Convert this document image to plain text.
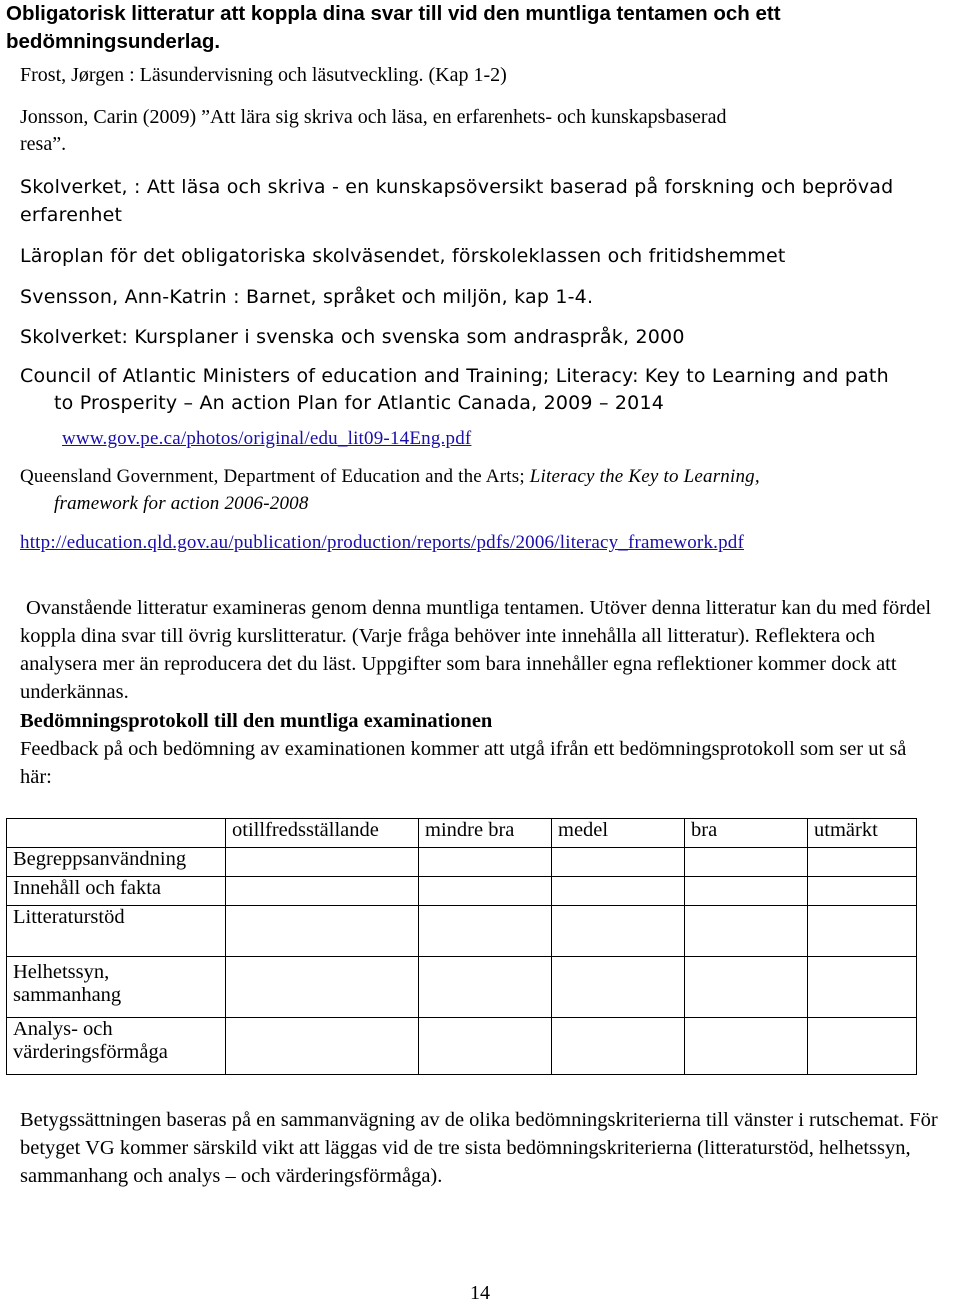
Obligatorisk litteratur att koppla dina svar till vid den muntliga tentamen och ett bedömningsunderlag.
Frost, Jørgen : Läsundervisning och läsutveckling. (Kap 1-2)
Jonsson, Carin (2009) ”Att lära sig skriva och läsa, en erfarenhets- och kunskapsbaserad
resa”.
Skolverket, : Att läsa och skriva - en kunskapsöversikt baserad på forskning och beprövad
erfarenhet
Läroplan för det obligatoriska skolväsendet, förskoleklassen och fritidshemmet
Svensson, Ann-Katrin : Barnet, språket och miljön, kap 1-4.
Skolverket: Kursplaner i svenska och svenska som andraspråk, 2000
Council of Atlantic Ministers of education and Training; Literacy: Key to Learning and path
to Prosperity – An action Plan for Atlantic Canada, 2009 – 2014
www.gov.pe.ca/photos/original/edu_lit09-14Eng.pdf
Queensland Government, Department of Education and the Arts; Literacy the Key to Learning,
framework for action 2006-2008
http://education.qld.gov.au/publication/production/reports/pdfs/2006/literacy_framework.pdf
Ovanstående litteratur examineras genom denna muntliga tentamen. Utöver denna litteratur kan du med fördel koppla dina svar till övrig kurslitteratur. (Varje fråga behöver inte innehålla all litteratur). Reflektera och analysera mer än reproducera det du läst. Uppgifter som bara innehåller egna reflektioner kommer dock att underkännas.
Bedömningsprotokoll till den muntliga examinationen
Feedback på och bedömning av examinationen kommer att utgå ifrån ett bedömningsprotokoll som ser ut så här:
	otillfredsställande	mindre bra	medel	bra	utmärkt
Begreppsanvändning					
Innehåll och fakta					
Litteraturstöd					
Helhetssyn, sammanhang					
Analys- och värderingsförmåga					
Betygssättningen baseras på en sammanvägning av de olika bedömningskriterierna till vänster i rutschemat. För betyget VG kommer särskild vikt att läggas vid de tre sista bedömningskriterierna (litteraturstöd, helhetssyn, sammanhang och analys – och värderingsförmåga).
14
